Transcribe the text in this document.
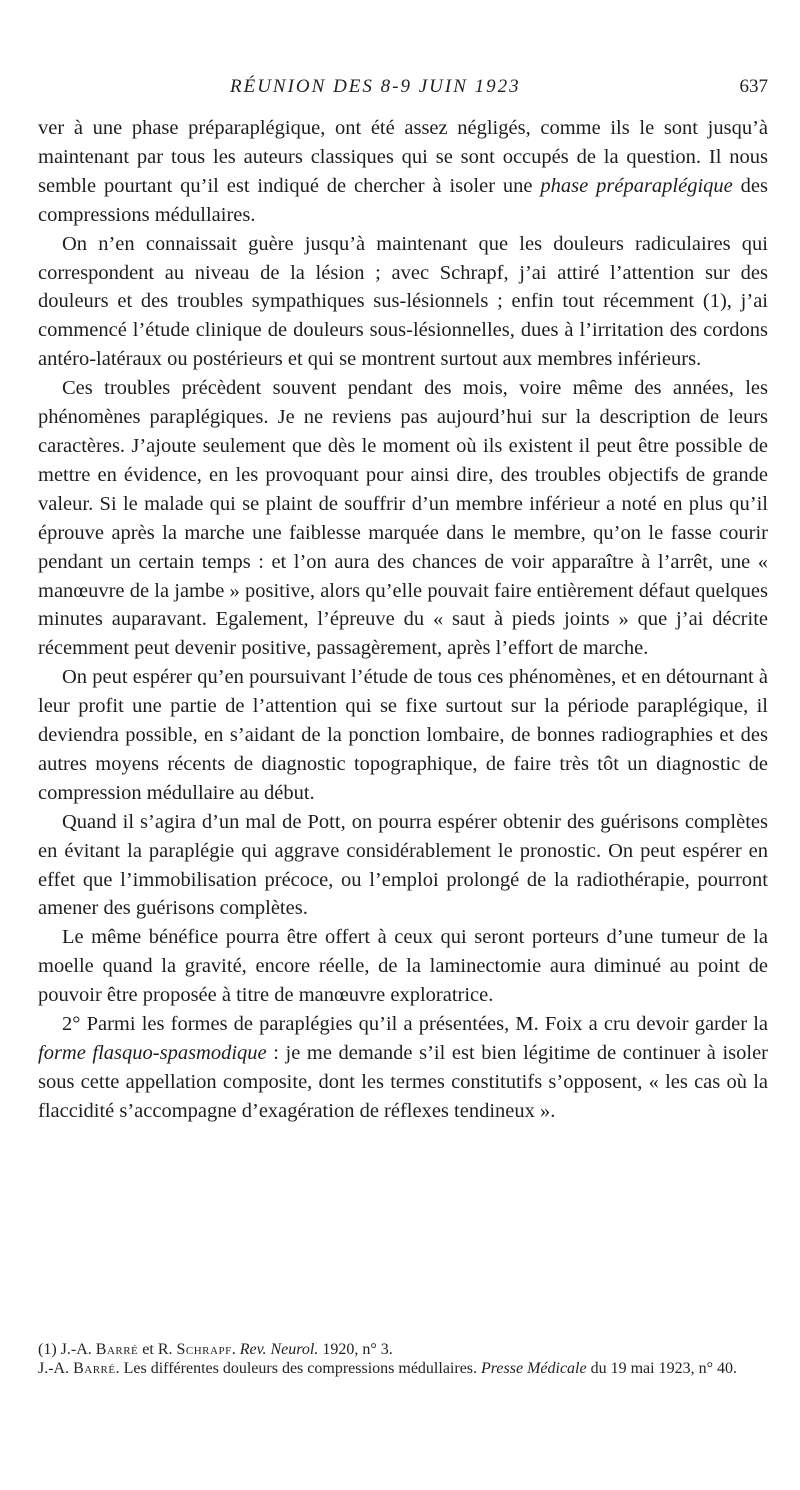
RÉUNION DES 8-9 JUIN 1923	637

ver à une phase préparaplégique, ont été assez négligés, comme ils le sont jusqu’à maintenant par tous les auteurs classiques qui se sont occupés de la question. Il nous semble pourtant qu’il est indiqué de chercher à isoler une phase préparaplégique des compressions médullaires.

On n’en connaissait guère jusqu’à maintenant que les douleurs radiculaires qui correspondent au niveau de la lésion ; avec Schrapf, j’ai attiré l’attention sur des douleurs et des troubles sympathiques sus-lésionnels ; enfin tout récemment (1), j’ai commencé l’étude clinique de douleurs sous-lésionnelles, dues à l’irritation des cordons antéro-latéraux ou postérieurs et qui se montrent surtout aux membres inférieurs.

Ces troubles précèdent souvent pendant des mois, voire même des années, les phénomènes paraplégiques. Je ne reviens pas aujourd’hui sur la description de leurs caractères. J’ajoute seulement que dès le moment où ils existent il peut être possible de mettre en évidence, en les provoquant pour ainsi dire, des troubles objectifs de grande valeur. Si le malade qui se plaint de souffrir d’un membre inférieur a noté en plus qu’il éprouve après la marche une faiblesse marquée dans le membre, qu’on le fasse courir pendant un certain temps : et l’on aura des chances de voir apparaître à l’arrêt, une « manœuvre de la jambe » positive, alors qu’elle pouvait faire entièrement défaut quelques minutes auparavant. Egalement, l’épreuve du « saut à pieds joints » que j’ai décrite récemment peut devenir positive, passagèrement, après l’effort de marche.

On peut espérer qu’en poursuivant l’étude de tous ces phénomènes, et en détournant à leur profit une partie de l’attention qui se fixe surtout sur la période paraplégique, il deviendra possible, en s’aidant de la ponction lombaire, de bonnes radiographies et des autres moyens récents de diagnostic topographique, de faire très tôt un diagnostic de compression médullaire au début.

Quand il s’agira d’un mal de Pott, on pourra espérer obtenir des guérisons complètes en évitant la paraplégie qui aggrave considérablement le pronostic. On peut espérer en effet que l’immobilisation précoce, ou l’emploi prolongé de la radiothérapie, pourront amener des guérisons complètes.

Le même bénéfice pourra être offert à ceux qui seront porteurs d’une tumeur de la moelle quand la gravité, encore réelle, de la laminectomie aura diminué au point de pouvoir être proposée à titre de manœuvre exploratrice.

2° Parmi les formes de paraplégies qu’il a présentées, M. Foix a cru devoir garder la forme flasquo-spasmodique : je me demande s’il est bien légitime de continuer à isoler sous cette appellation composite, dont les termes constitutifs s’opposent, « les cas où la flaccidité s’accompagne d’exagération de réflexes tendineux ».

(1) J.-A. Barré et R. Schrapf. Rev. Neurol. 1920, n° 3.

J.-A. Barré. Les différentes douleurs des compressions médullaires. Presse Médicale du 19 mai 1923, n° 40.
